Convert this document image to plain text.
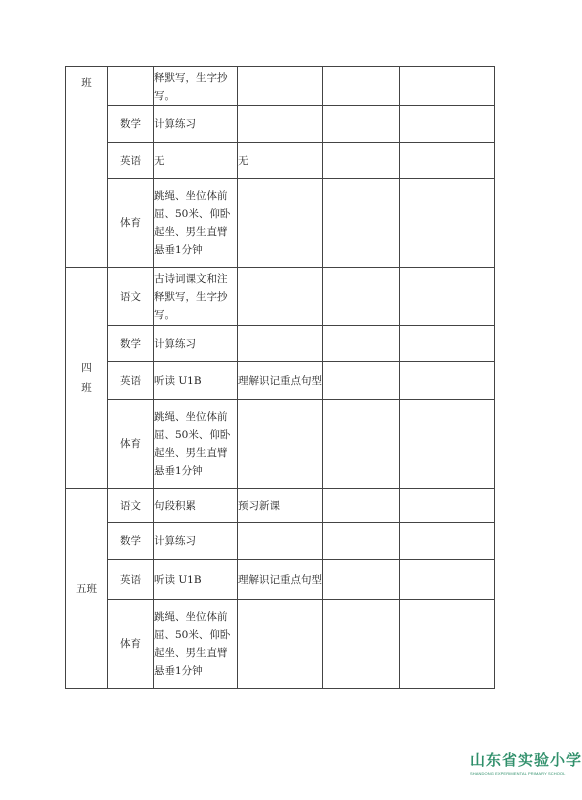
班		释默写，生字抄写。			
	数学	计算练习			
	英语	无	无		
	体育	跳绳、坐位体前屈、50米、仰卧起坐、男生直臂悬垂1分钟			
四班	语文	古诗词课文和注释默写，生字抄写。			
	数学	计算练习			
	英语	听读 U1B	理解识记重点句型		
	体育	跳绳、坐位体前屈、50米、仰卧起坐、男生直臂悬垂1分钟			
五班	语文	句段积累	预习新课		
	数学	计算练习			
	英语	听读 U1B	理解识记重点句型		
	体育	跳绳、坐位体前屈、50米、仰卧起坐、男生直臂悬垂1分钟			
山东省实验小学
SHANDONG EXPERIMENTAL PRIMARY SCHOOL
